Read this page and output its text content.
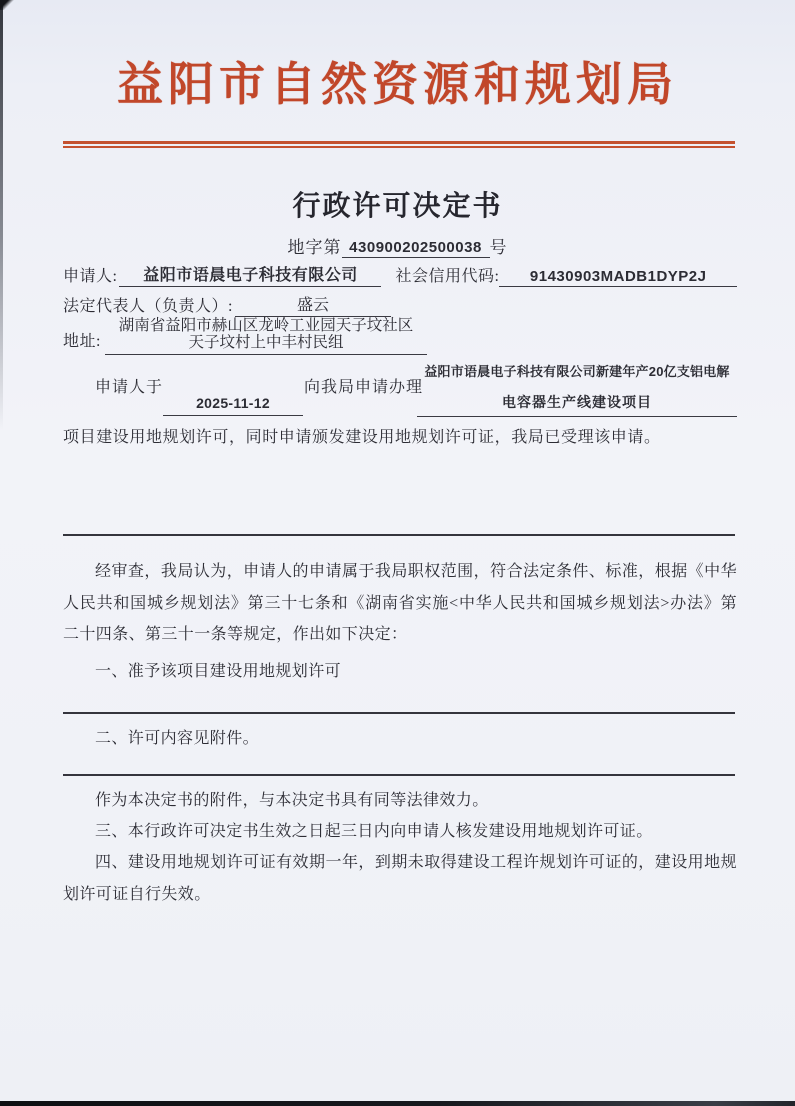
益阳市自然资源和规划局
行政许可决定书
地字第 430900202500038 号
申请人:	益阳市语晨电子科技有限公司	社会信用代码:	91430903MADB1DYP2J
法定代表人（负责人）:	盛云
地址:
湖南省益阳市赫山区龙岭工业园天子坟社区
天子坟村上中丰村民组
申请人于
2025-11-12
向我局申请办理
益阳市语晨电子科技有限公司新建年产20亿支铝电解
电容器生产线建设项目
项目建设用地规划许可，同时申请颁发建设用地规划许可证，我局已受理该申请。
经审查，我局认为，申请人的申请属于我局职权范围，符合法定条件、标准，根据《中华人民共和国城乡规划法》第三十七条和《湖南省实施<中华人民共和国城乡规划法>办法》第二十四条、第三十一条等规定，作出如下决定：
一、准予该项目建设用地规划许可
二、许可内容见附件。
作为本决定书的附件，与本决定书具有同等法律效力。
三、本行政许可决定书生效之日起三日内向申请人核发建设用地规划许可证。
四、建设用地规划许可证有效期一年，到期未取得建设工程许规划许可证的，建设用地规划许可证自行失效。
